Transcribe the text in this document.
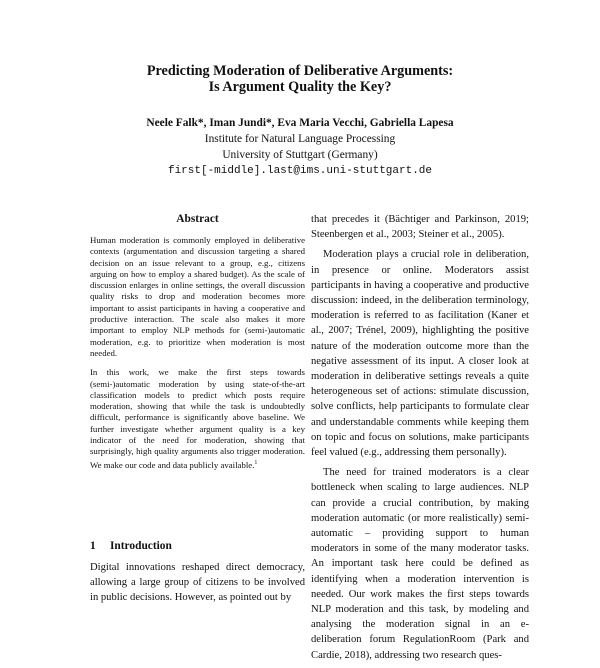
Predicting Moderation of Deliberative Arguments:
Is Argument Quality the Key?
Neele Falk*, Iman Jundi*, Eva Maria Vecchi, Gabriella Lapesa
Institute for Natural Language Processing
University of Stuttgart (Germany)
first[-middle].last@ims.uni-stuttgart.de
Abstract

Human moderation is commonly employed in deliberative contexts (argumentation and discussion targeting a shared decision on an issue relevant to a group, e.g., citizens arguing on how to employ a shared budget). As the scale of discussion enlarges in online settings, the overall discussion quality risks to drop and moderation becomes more important to assist participants in having a cooperative and productive interaction. The scale also makes it more important to employ NLP methods for (semi-)automatic moderation, e.g. to prioritize when moderation is most needed.

In this work, we make the first steps towards (semi-)automatic moderation by using state-of-the-art classification models to predict which posts require moderation, showing that while the task is undoubtedly difficult, performance is significantly above baseline. We further investigate whether argument quality is a key indicator of the need for moderation, showing that surprisingly, high quality arguments also trigger moderation. We make our code and data publicly available.$^1$

1 Introduction

Digital innovations reshaped direct democracy, allowing a large group of citizens to be involved in public decisions. However, as pointed out by

that precedes it (Bächtiger and Parkinson, 2019; Steenbergen et al., 2003; Steiner et al., 2005).

Moderation plays a crucial role in deliberation, in presence or online. Moderators assist participants in having a cooperative and productive discussion: indeed, in the deliberation terminology, moderation is referred to as facilitation (Kaner et al., 2007; Trénel, 2009), highlighting the positive nature of the moderation outcome more than the negative assessment of its input. A closer look at moderation in deliberative settings reveals a quite heterogeneous set of actions: stimulate discussion, solve conflicts, help participants to formulate clear and understandable comments while keeping them on topic and focus on solutions, make participants feel valued (e.g., addressing them personally).

The need for trained moderators is a clear bottleneck when scaling to large audiences. NLP can provide a crucial contribution, by making moderation automatic (or more realistically) semi-automatic – providing support to human moderators in some of the many moderator tasks. An important task here could be defined as identifying when a moderation intervention is needed. Our work makes the first steps towards NLP moderation and this task, by modeling and analysing the moderation signal in an e-deliberation forum RegulationRoom (Park and Cardie, 2018), addressing two research ques-
